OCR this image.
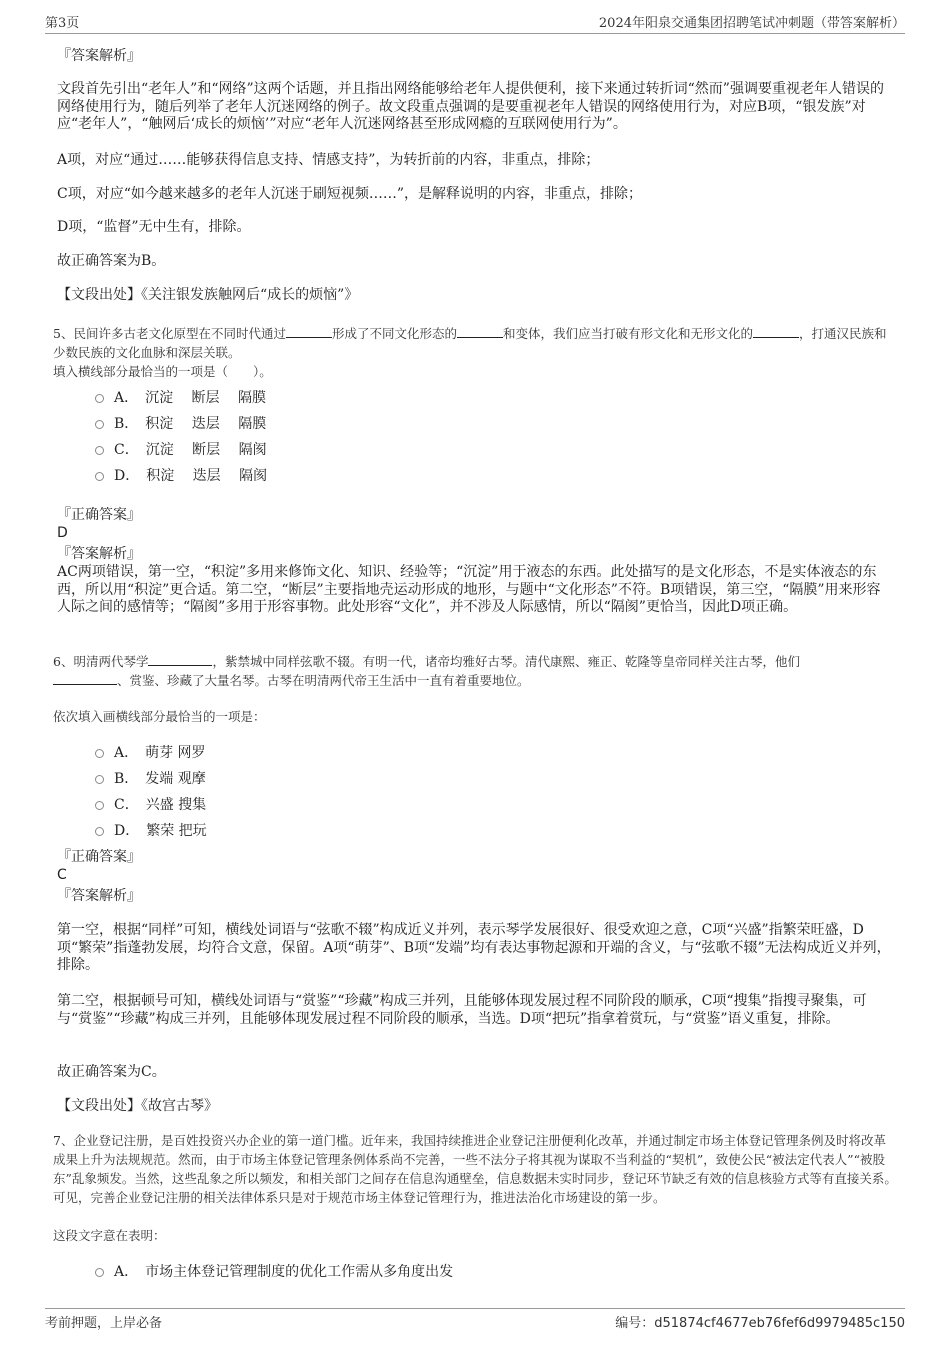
第3页	2024年阳泉交通集团招聘笔试冲刺题（带答案解析）
『答案解析』
文段首先引出“老年人”和“网络”这两个话题，并且指出网络能够给老年人提供便利，接下来通过转折词“然而”强调要重视老年人错误的网络使用行为，随后列举了老年人沉迷网络的例子。故文段重点强调的是要重视老年人错误的网络使用行为，对应B项，“银发族”对应“老年人”，“触网后‘成长的烦恼’”对应“老年人沉迷网络甚至形成网瘾的互联网使用行为”。
A项，对应“通过……能够获得信息支持、情感支持”，为转折前的内容，非重点，排除；
C项，对应“如今越来越多的老年人沉迷于刷短视频……”，是解释说明的内容，非重点，排除；
D项，“监督”无中生有，排除。
故正确答案为B。
【文段出处】《关注银发族触网后“成长的烦恼”》
5、民间许多古老文化原型在不同时代通过	形成了不同文化形态的	和变体，我们应当打破有形文化和无形文化的	，打通汉民族和少数民族的文化血脉和深层关联。
填入横线部分最恰当的一项是（　　）。
A．　沉淀　 断层　 隔膜
B．　积淀　 迭层　 隔膜
C．　沉淀　 断层　 隔阂
D．　积淀　 迭层　 隔阂
『正确答案』
D
『答案解析』
AC两项错误，第一空，“积淀”多用来修饰文化、知识、经验等；“沉淀”用于液态的东西。此处描写的是文化形态，不是实体液态的东西，所以用“积淀”更合适。第二空，“断层”主要指地壳运动形成的地形，与题中“文化形态”不符。B项错误，第三空，“隔膜”用来形容人际之间的感情等；“隔阂”多用于形容事物。此处形容“文化”，并不涉及人际感情，所以“隔阂”更恰当，因此D项正确。
6、明清两代琴学	，紫禁城中同样弦歌不辍。有明一代，诸帝均雅好古琴。清代康熙、雍正、乾隆等皇帝同样关注古琴，他们
、赏鉴、珍藏了大量名琴。古琴在明清两代帝王生活中一直有着重要地位。
依次填入画横线部分最恰当的一项是：
A．　萌芽 网罗
B．　发端 观摩
C．　兴盛 搜集
D．　繁荣 把玩
『正确答案』
C
『答案解析』
第一空，根据“同样”可知，横线处词语与“弦歌不辍”构成近义并列，表示琴学发展很好、很受欢迎之意，C项“兴盛”指繁荣旺盛，D项“繁荣”指蓬勃发展，均符合文意，保留。A项“萌芽”、B项“发端”均有表达事物起源和开端的含义，与“弦歌不辍”无法构成近义并列，排除。
第二空，根据顿号可知，横线处词语与“赏鉴”“珍藏”构成三并列，且能够体现发展过程不同阶段的顺承，C项“搜集”指搜寻聚集，可与“赏鉴”“珍藏”构成三并列，且能够体现发展过程不同阶段的顺承，当选。D项“把玩”指拿着赏玩，与“赏鉴”语义重复，排除。
故正确答案为C。
【文段出处】《故宫古琴》
7、企业登记注册，是百姓投资兴办企业的第一道门槛。近年来，我国持续推进企业登记注册便利化改革，并通过制定市场主体登记管理条例及时将改革成果上升为法规规范。然而，由于市场主体登记管理条例体系尚不完善，一些不法分子将其视为谋取不当利益的“契机”，致使公民“被法定代表人”“被股东”乱象频发。当然，这些乱象之所以频发，和相关部门之间存在信息沟通壁垒，信息数据未实时同步，登记环节缺乏有效的信息核验方式等有直接关系。可见，完善企业登记注册的相关法律体系只是对于规范市场主体登记管理行为，推进法治化市场建设的第一步。
这段文字意在表明：
A．　市场主体登记管理制度的优化工作需从多角度出发
考前押题，上岸必备	编号：d51874cf4677eb76fef6d9979485c150
